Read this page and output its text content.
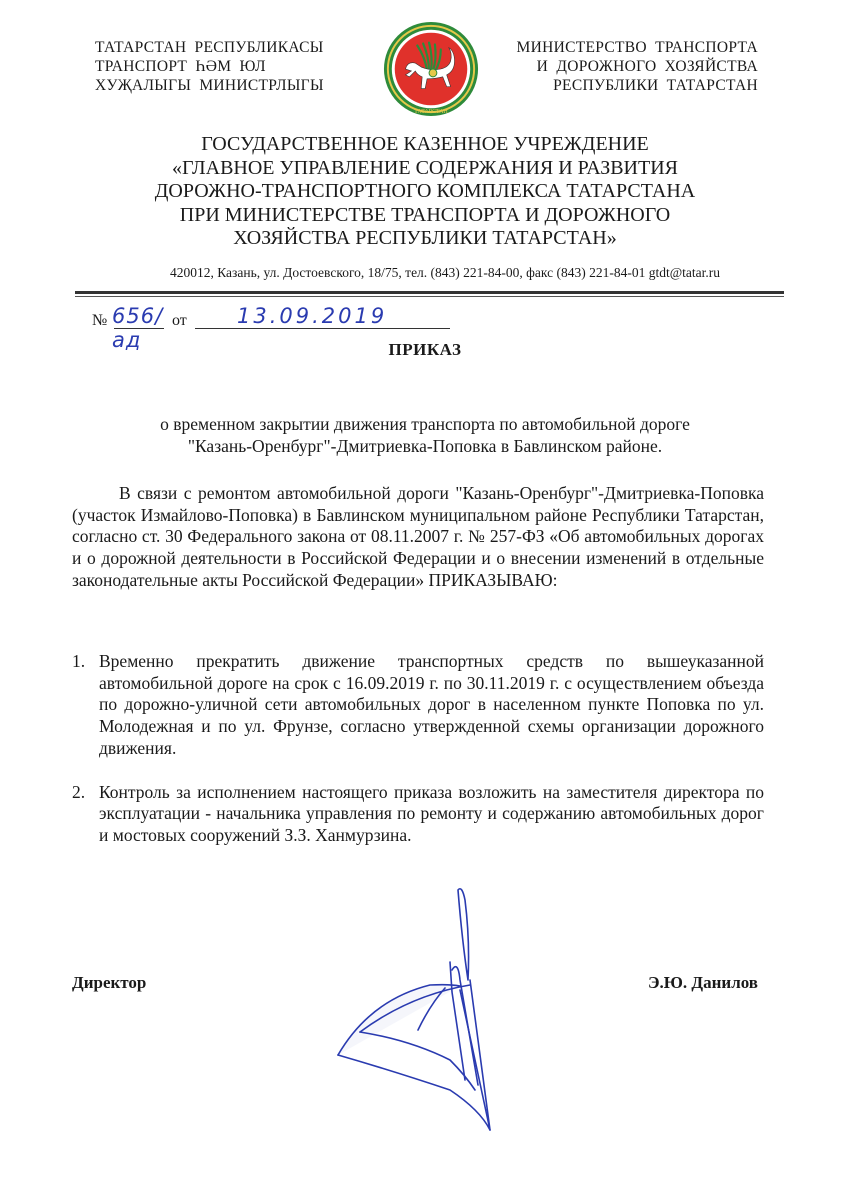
ТАТАРСТАН РЕСПУБЛИКАСЫ
ТРАНСПОРТ ҺӘМ ЮЛ
ХУҖАЛЫГЫ МИНИСТРЛЫГЫ
ТАТАРСТАН
МИНИСТЕРСТВО ТРАНСПОРТА
И ДОРОЖНОГО ХОЗЯЙСТВА
РЕСПУБЛИКИ ТАТАРСТАН
ГОСУДАРСТВЕННОЕ КАЗЕННОЕ УЧРЕЖДЕНИЕ
«ГЛАВНОЕ УПРАВЛЕНИЕ СОДЕРЖАНИЯ И РАЗВИТИЯ
ДОРОЖНО-ТРАНСПОРТНОГО КОМПЛЕКСА ТАТАРСТАНА
ПРИ МИНИСТЕРСТВЕ ТРАНСПОРТА И ДОРОЖНОГО
ХОЗЯЙСТВА РЕСПУБЛИКИ ТАТАРСТАН»
420012, Казань, ул. Достоевского, 18/75, тел. (843) 221-84-00, факс (843) 221-84-01 gtdt@tatar.ru
№ 656/ад
от 13.09.2019
ПРИКАЗ
о временном закрытии движения транспорта по автомобильной дороге
"Казань-Оренбург"-Дмитриевка-Поповка в Бавлинском районе.

В связи с ремонтом автомобильной дороги "Казань-Оренбург"-Дмитриевка-Поповка (участок Измайлово-Поповка) в Бавлинском муниципальном районе Республики Татарстан, согласно ст. 30 Федерального закона от 08.11.2007 г. № 257-ФЗ «Об автомобильных дорогах и о дорожной деятельности в Российской Федерации и о внесении изменений в отдельные законодательные акты Российской Федерации» ПРИКАЗЫВАЮ:

1. Временно прекратить движение транспортных средств по вышеуказанной автомобильной дороге на срок с 16.09.2019 г. по 30.11.2019 г. с осуществлением объезда по дорожно-уличной сети автомобильных дорог в населенном пункте Поповка по ул. Молодежная и по ул. Фрунзе, согласно утвержденной схемы организации дорожного движения.
2. Контроль за исполнением настоящего приказа возложить на заместителя директора по эксплуатации - начальника управления по ремонту и содержанию автомобильных дорог и мостовых сооружений З.З. Ханмурзина.
Директор	Э.Ю. Данилов
